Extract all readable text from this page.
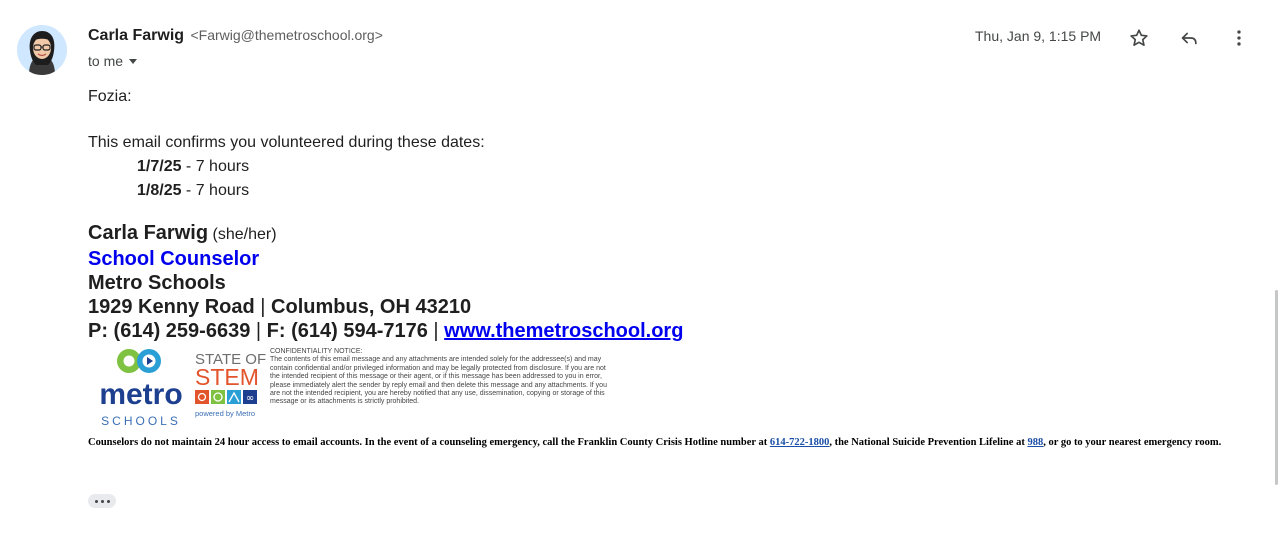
Carla Farwig <Farwig@themetroschool.org>
to me
Thu, Jan 9, 1:15 PM

Fozia:

This email confirms you volunteered during these dates:

1/7/25 - 7 hours
1/8/25 - 7 hours
Carla Farwig (she/her)
School Counselor
Metro Schools
1929 Kenny Road | Columbus, OH 43210
P: (614) 259-6639 | F: (614) 594-7176 | www.themetroschool.org
metro
SCHOOLS
STATE OF
STEM
∞
powered by Metro
CONFIDENTIALITY NOTICE:
The contents of this email message and any attachments are intended solely for the addressee(s) and may contain confidential and/or privileged information and may be legally protected from disclosure. If you are not the intended recipient of this message or their agent, or if this message has been addressed to you in error, please immediately alert the sender by reply email and then delete this message and any attachments. If you are not the intended recipient, you are hereby notified that any use, dissemination, copying or storage of this message or its attachments is strictly prohibited.
Counselors do not maintain 24 hour access to email accounts. In the event of a counseling emergency, call the Franklin County Crisis Hotline number at 614-722-1800, the National Suicide Prevention Lifeline at 988, or go to your nearest emergency room.
